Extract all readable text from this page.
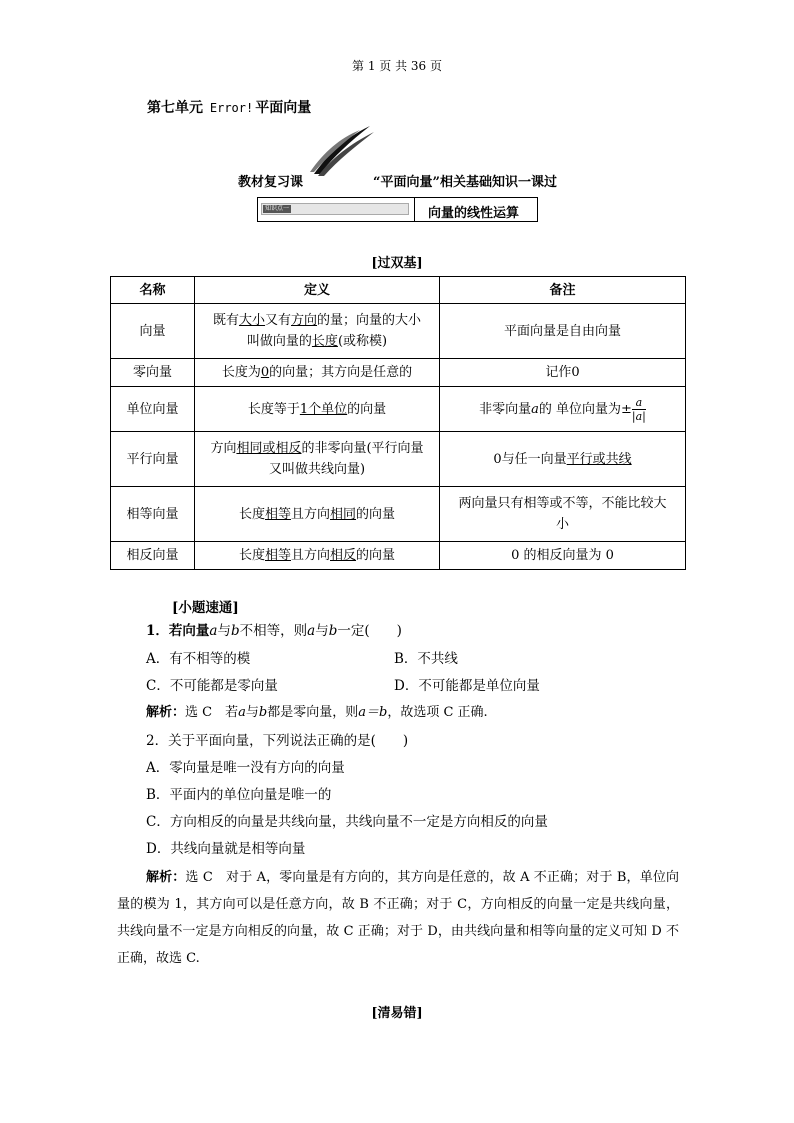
第 1 页 共 36 页
第七单元 Error! 平面向量
教材复习课	“平面向量”相关基础知识一课过
知识点一	向量的线性运算
[过双基]
名称	定义	备注
向量	既有大小又有方向的量；向量的大小
叫做向量的长度(或称模)	平面向量是自由向量
零向量	长度为0的向量；其方向是任意的	记作0
单位向量	长度等于1个单位的向量	非零向量a的 单位向量为± $\frac{a}{|a|}$

平行向量	方向相同或相反的非零向量(平行向量
又叫做共线向量)	0与任一向量平行或共线
相等向量	长度相等且方向相同的向量	两向量只有相等或不等，不能比较大
小
相反向量	长度相等且方向相反的向量	0 的相反向量为 0
[小题速通]
1．若向量a与b不相等，则a与b一定(　　)
A．有不相等的模	B．不共线
C．不可能都是零向量	D．不可能都是单位向量
解析：选 C　若a与b都是零向量，则a＝b，故选项 C 正确.
2．关于平面向量，下列说法正确的是(　　)
A．零向量是唯一没有方向的向量
B．平面内的单位向量是唯一的
C．方向相反的向量是共线向量，共线向量不一定是方向相反的向量
D．共线向量就是相等向量
解析：选 C　对于 A，零向量是有方向的，其方向是任意的，故 A 不正确；对于 B，单位向量的模为 1，其方向可以是任意方向，故 B 不正确；对于 C，方向相反的向量一定是共线向量，共线向量不一定是方向相反的向量，故 C 正确；对于 D，由共线向量和相等向量的定义可知 D 不正确，故选 C.
[清易错]
